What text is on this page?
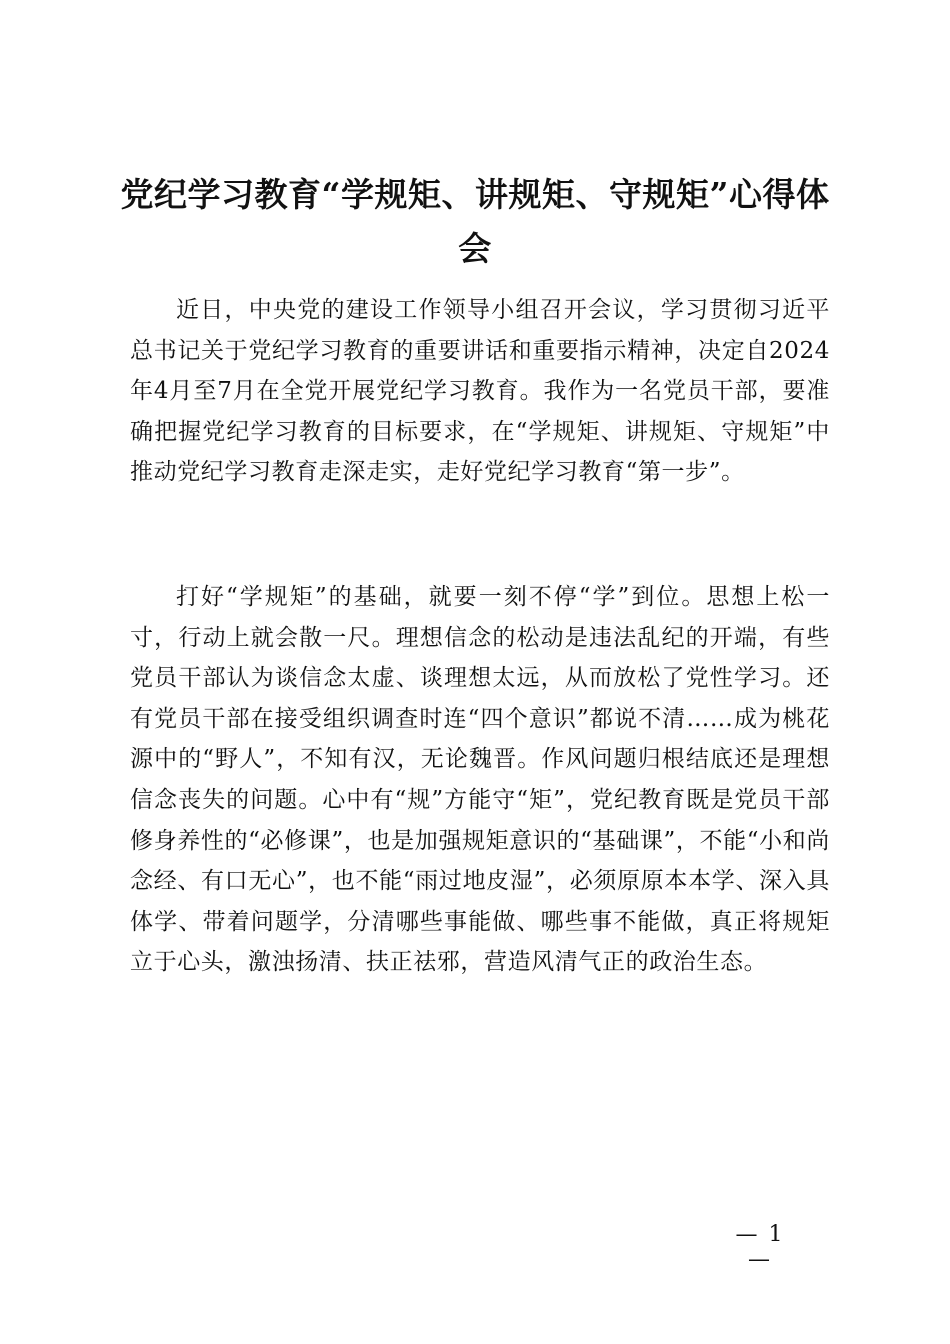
党纪学习教育“学规矩、讲规矩、守规矩”心得体会

近日，中央党的建设工作领导小组召开会议，学习贯彻习近平总书记关于党纪学习教育的重要讲话和重要指示精神，决定自2024年4月至7月在全党开展党纪学习教育。我作为一名党员干部，要准确把握党纪学习教育的目标要求，在“学规矩、讲规矩、守规矩”中推动党纪学习教育走深走实，走好党纪学习教育“第一步”。

打好“学规矩”的基础，就要一刻不停“学”到位。思想上松一寸，行动上就会散一尺。理想信念的松动是违法乱纪的开端，有些党员干部认为谈信念太虚、谈理想太远，从而放松了党性学习。还有党员干部在接受组织调查时连“四个意识”都说不清……成为桃花源中的“野人”，不知有汉，无论魏晋。作风问题归根结底还是理想信念丧失的问题。心中有“规”方能守“矩”，党纪教育既是党员干部修身养性的“必修课”，也是加强规矩意识的“基础课”，不能“小和尚念经、有口无心”，也不能“雨过地皮湿”，必须原原本本学、深入具体学、带着问题学，分清哪些事能做、哪些事不能做，真正将规矩立于心头，激浊扬清、扶正祛邪，营造风清气正的政治生态。

— 1 —
